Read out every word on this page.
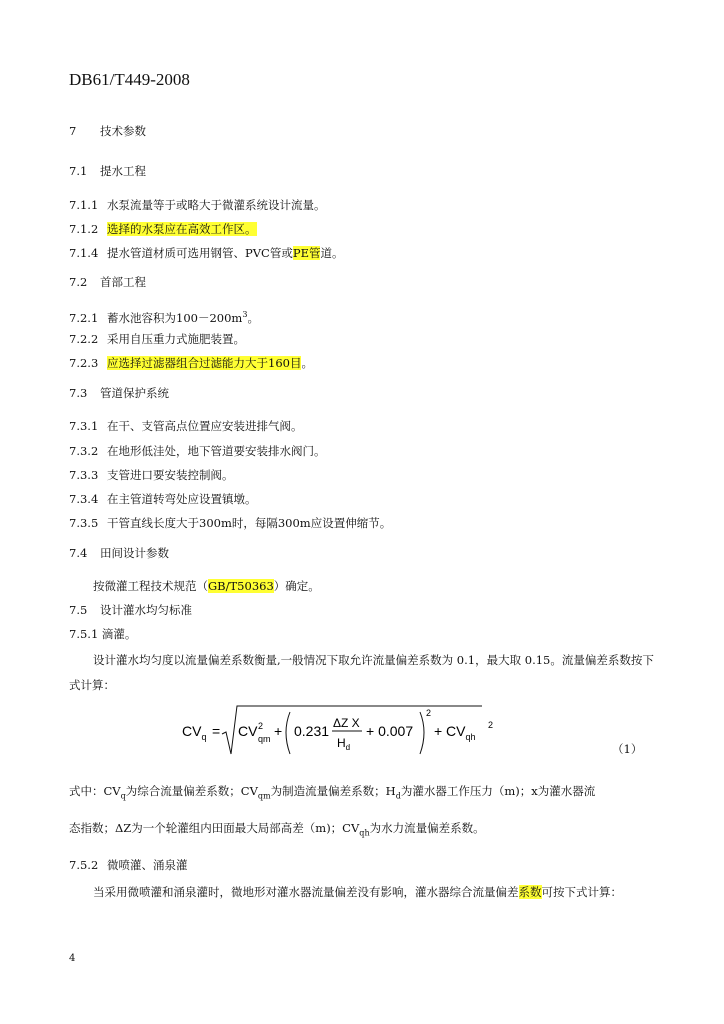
DB61/T449-2008
7 技术参数
7.1 提水工程
7.1.1 水泵流量等于或略大于微灌系统设计流量。
7.1.2 选择的水泵应在高效工作区。
7.1.4 提水管道材质可选用钢管、PVC管或PE管道。
7.2 首部工程
7.2.1 蓄水池容积为$100-200m^3$。
7.2.2 采用自压重力式施肥装置。
7.2.3 应选择过滤器组合过滤能力大于160目。
7.3 管道保护系统
7.3.1 在干、支管高点位置应安装进排气阀。
7.3.2 在地形低洼处，地下管道要安装排水阀门。
7.3.3 支管进口要安装控制阀。
7.3.4 在主管道转弯处应设置镇墩。
7.3.5 干管直线长度大于300m时，每隔300m应设置伸缩节。
7.4 田间设计参数
按微灌工程技术规范（GB/T50363）确定。
7.5 设计灌水均匀标准
7.5.1 滴灌。
设计灌水均匀度以流量偏差系数衡量,一般情况下取允许流量偏差系数为 0.1，最大取 0.15。流量偏差系数按下式计算：
$CV_q$ = CV 2
qm + 0.231 ΔZ X
$H_d$
+ 0.007
2
+ $CV_{qh}$
2
（1）
式中：$CV_q$为综合流量偏差系数；$CV_{qm}$为制造流量偏差系数；$H_d$为灌水器工作压力（m)；x为灌水器流
态指数；ΔZ为一个轮灌组内田面最大局部高差（m)；$CV_{qh}$为水力流量偏差系数。
7.5.2 微喷灌、涌泉灌
当采用微喷灌和涌泉灌时，微地形对灌水器流量偏差没有影响，灌水器综合流量偏差系数可按下式计算：
4
